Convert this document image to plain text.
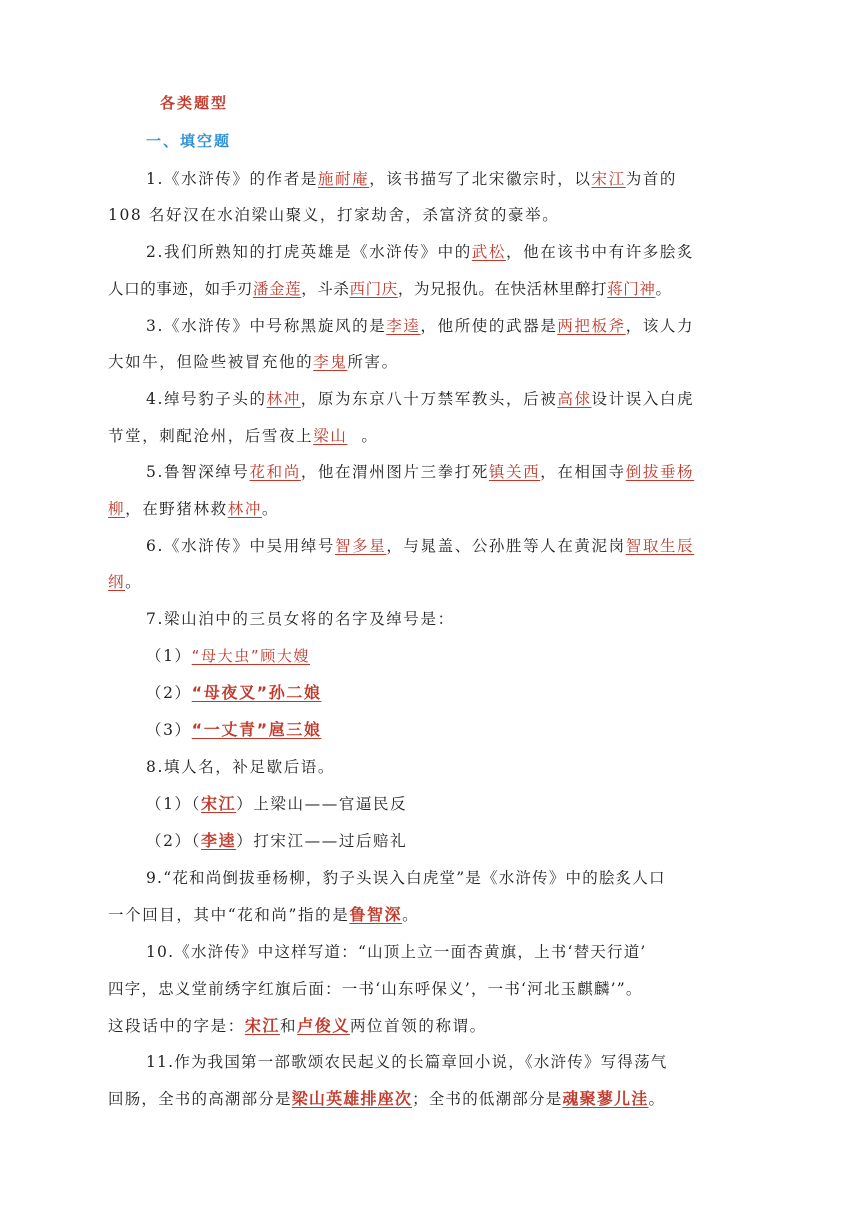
各类题型
一、填空题
1.《水浒传》的作者是施耐庵，该书描写了北宋徽宗时，以宋江为首的
108 名好汉在水泊梁山聚义，打家劫舍，杀富济贫的豪举。
2.我们所熟知的打虎英雄是《水浒传》中的武松，他在该书中有许多脍炙
人口的事迹，如手刃潘金莲，斗杀西门庆，为兄报仇。在快活林里醉打蒋门神。
3.《水浒传》中号称黑旋风的是李逵，他所使的武器是两把板斧，该人力
大如牛，但险些被冒充他的李鬼所害。
4.绰号豹子头的林冲，原为东京八十万禁军教头，后被高俅设计误入白虎
节堂，刺配沧州，后雪夜上梁山 。
5.鲁智深绰号花和尚，他在渭州图片三拳打死镇关西，在相国寺倒拔垂杨
柳，在野猪林救林冲。
6.《水浒传》中吴用绰号智多星，与晁盖、公孙胜等人在黄泥岗智取生辰
纲。
7.梁山泊中的三员女将的名字及绰号是：
（1）“母大虫”顾大嫂
（2）“母夜叉”孙二娘
（3）“一丈青”扈三娘
8.填人名，补足歇后语。
（1）（宋江）上梁山——官逼民反
（2）（李逵）打宋江——过后赔礼
9.“花和尚倒拔垂杨柳，豹子头误入白虎堂”是《水浒传》中的脍炙人口
一个回目，其中“花和尚”指的是鲁智深。
10.《水浒传》中这样写道：“山顶上立一面杏黄旗，上书‘替天行道’
四字，忠义堂前绣字红旗后面：一书‘山东呼保义’，一书‘河北玉麒麟’”。
这段话中的字是：宋江和卢俊义两位首领的称谓。
11.作为我国第一部歌颂农民起义的长篇章回小说，《水浒传》写得荡气
回肠，全书的高潮部分是梁山英雄排座次；全书的低潮部分是魂聚蓼儿洼。
